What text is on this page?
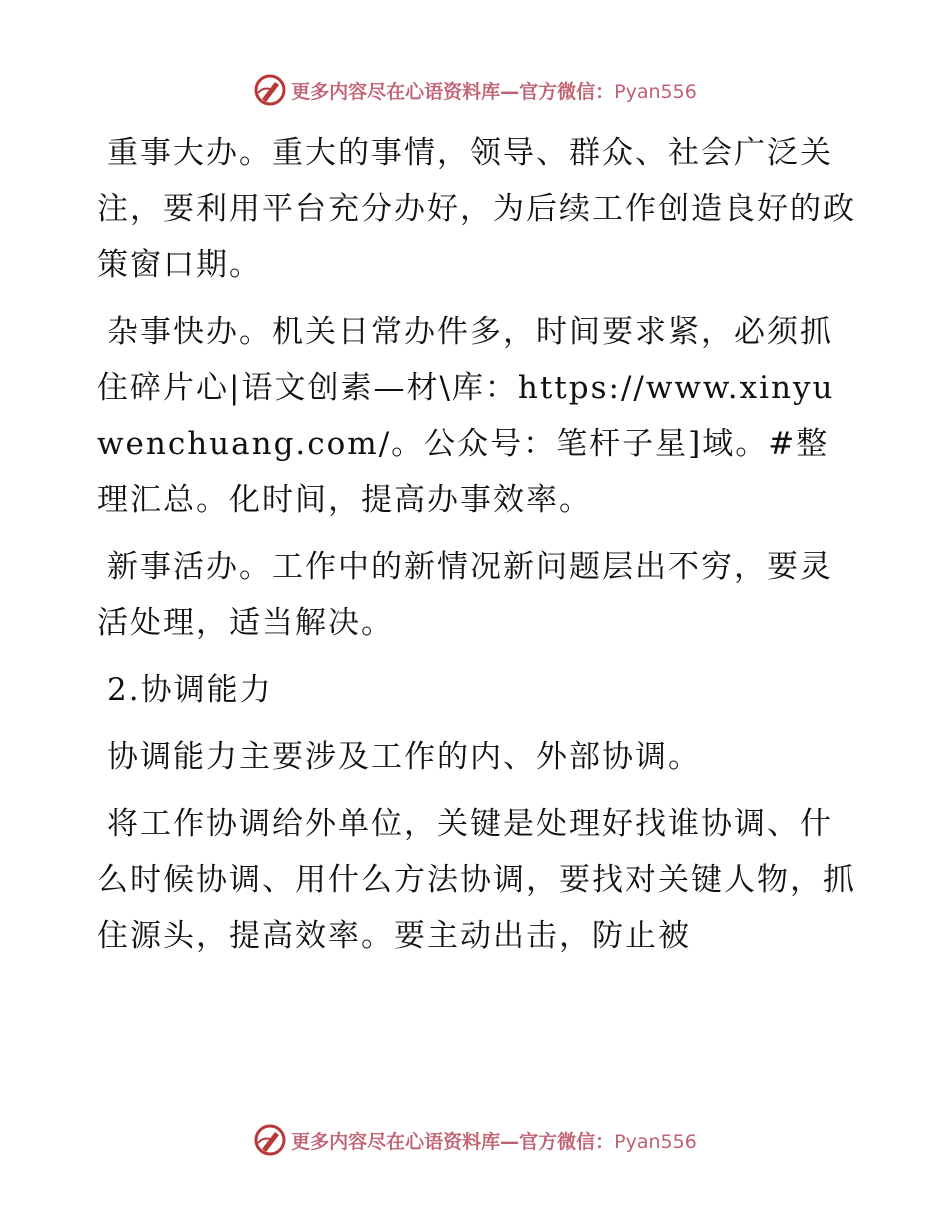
更多内容尽在心语资料库—官方微信：Pyan556

重事大办。重大的事情，领导、群众、社会广泛关注，要利用平台充分办好，为后续工作创造良好的政策窗口期。

杂事快办。机关日常办件多，时间要求紧，必须抓住碎片心|语文创素—材\库：https://www.xinyuwenchuang.com/。公众号：笔杆子星]域。#整理汇总。化时间，提高办事效率。

新事活办。工作中的新情况新问题层出不穷，要灵活处理，适当解决。

2.协调能力

协调能力主要涉及工作的内、外部协调。

将工作协调给外单位，关键是处理好找谁协调、什么时候协调、用什么方法协调，要找对关键人物，抓住源头，提高效率。要主动出击，防止被

更多内容尽在心语资料库—官方微信：Pyan556
